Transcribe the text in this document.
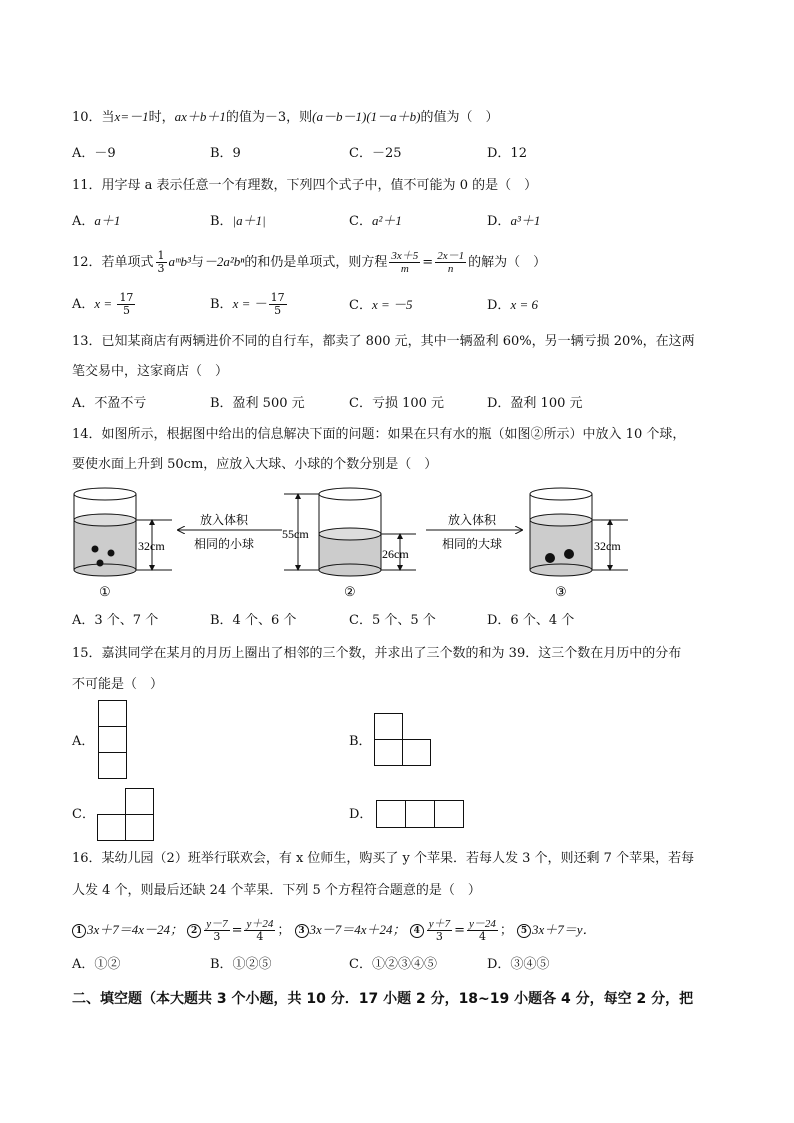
10．当x=－1时，ax＋b＋1的值为－3，则(a－b－1)(1－a＋b)的值为（　）
A．－9	B．9	C．－25	D．12
11．用字母 a 表示任意一个有理数，下列四个式子中，值不可能为 0 的是（　）
A．a＋1	B．|a＋1|	C．a²＋1	D．a³＋1
12．若单项式 $\frac{1}{3}$ aᵐb³与－2a²bⁿ的和仍是单项式，则方程 $\frac{3x+5}{m} = \frac{2x-1}{n}$ 的解为（　）
A．$x = \frac{17}{5}$	B．x = － $\frac{17}{5}$	C．x = －5	D．x = 6
13．已知某商店有两辆进价不同的自行车，都卖了 800 元，其中一辆盈利 60%，另一辆亏损 20%，在这两
笔交易中，这家商店（　）
A．不盈不亏	B．盈利 500 元	C．亏损 100 元	D．盈利 100 元
14．如图所示，根据图中给出的信息解决下面的问题：如果在只有水的瓶（如图②所示）中放入 10 个球，
要使水面上升到 50cm，应放入大球、小球的个数分别是（　）
32cm
放入体积
相同的小球
55cm
26cm
放入体积
相同的大球	32cm
①	②	③
A．3 个、7 个	B．4 个、6 个	C．5 个、5 个	D．6 个、4 个
15．嘉淇同学在某月的月历上圈出了相邻的三个数，并求出了三个数的和为 39．这三个数在月历中的分布
不可能是（　）
A．	B．
C．	D．
16．某幼儿园（2）班举行联欢会，有 x 位师生，购买了 y 个苹果．若每人发 3 个，则还剩 7 个苹果，若每
人发 4 个，则最后还缺 24 个苹果．下列 5 个方程符合题意的是（　）
1 3x＋7＝4x－24； $2 \frac{y-7}{3} = \frac{y+24}{4}$ ； 3 3x－7＝4x＋24； $4 \frac{y+7}{3} = \frac{y-24}{4}$ ； 5 3x＋7＝y．
A．①②	B．①②⑤	C．①②③④⑤	D．③④⑤
二、填空题（本大题共 3 个小题，共 10 分．17 小题 2 分，18~19 小题各 4 分，每空 2 分，把
